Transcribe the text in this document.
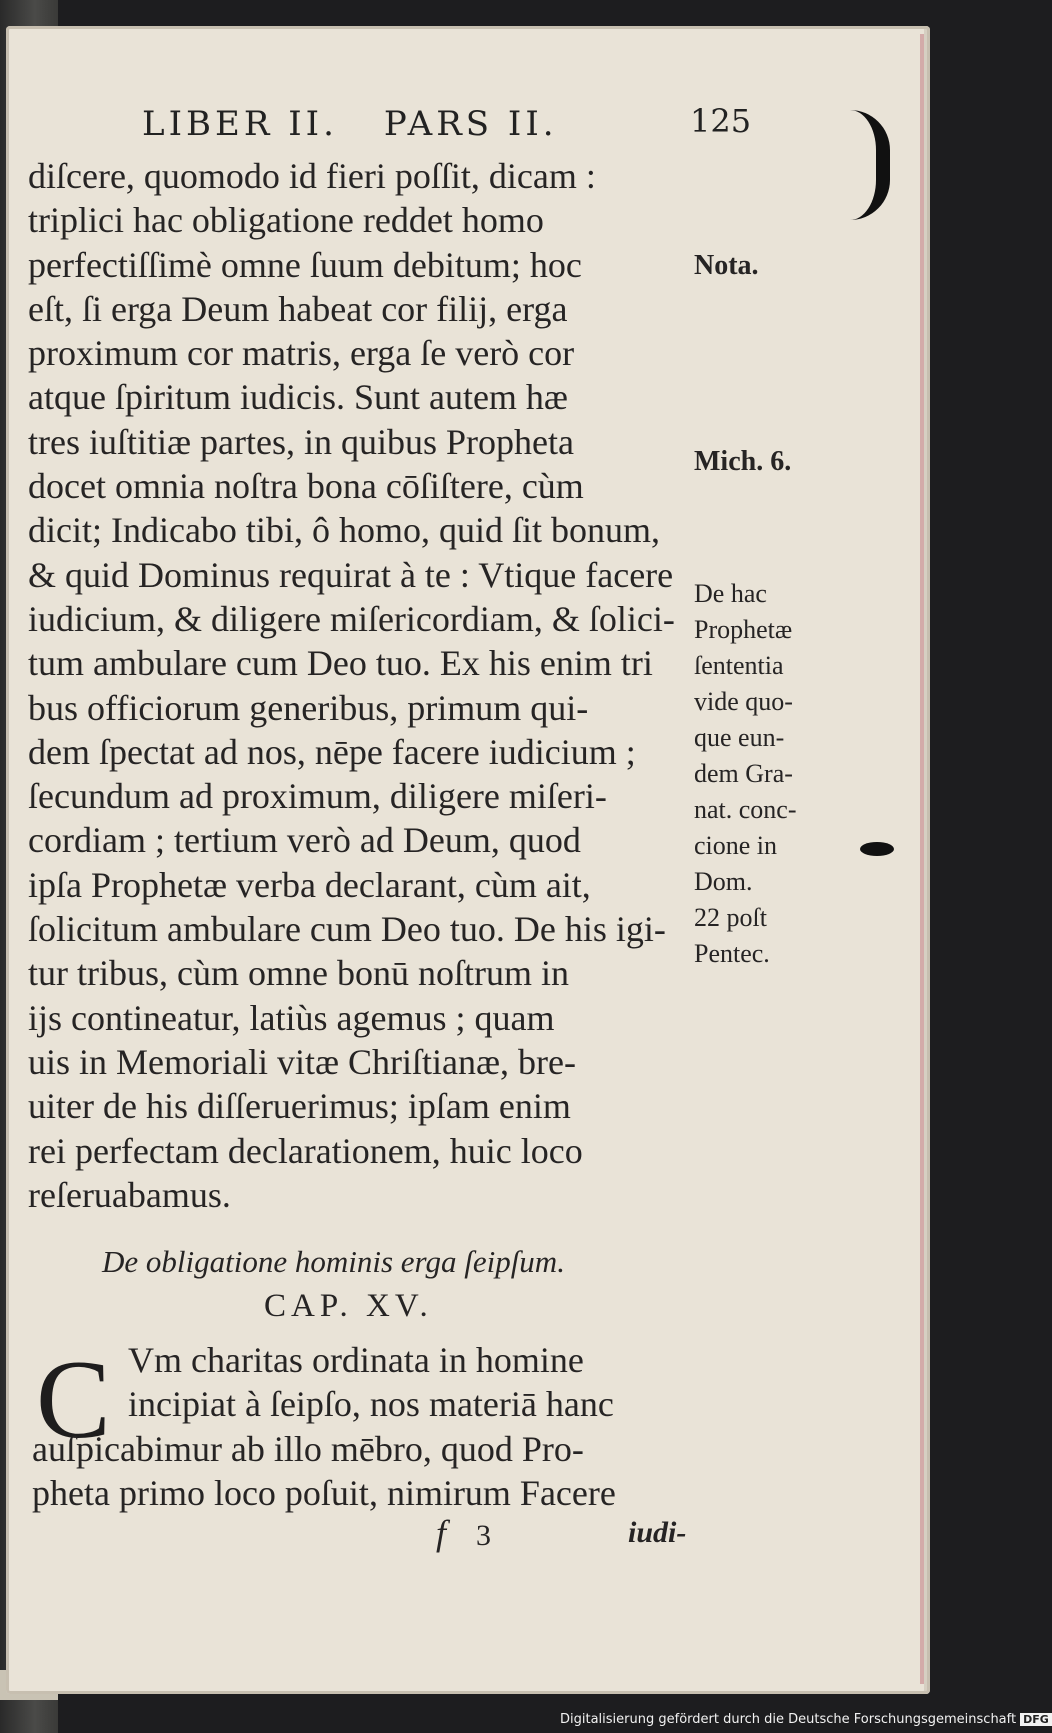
LIBER II. PARS II.	125
diſcere, quomodo id fieri poſſit, dicam :
triplici hac obligatione reddet homo
perfectiſſimè omne ſuum debitum; hoc
eſt, ſi erga Deum habeat cor filij, erga
proximum cor matris, erga ſe verò cor
atque ſpiritum iudicis. Sunt autem hæ
tres iuſtitiæ partes, in quibus Propheta
docet omnia noſtra bona cōſiſtere, cùm
dicit; Indicabo tibi, ô homo, quid ſit bonum,
& quid Dominus requirat à te : Vtique facere
iudicium, & diligere miſericordiam, & ſolici-
tum ambulare cum Deo tuo. Ex his enim tri
bus officiorum generibus, primum qui-
dem ſpectat ad nos, nēpe facere iudicium ;
ſecundum ad proximum, diligere miſeri-
cordiam ; tertium verò ad Deum, quod
ipſa Prophetæ verba declarant, cùm ait,
ſolicitum ambulare cum Deo tuo. De his igi-
tur tribus, cùm omne bonū noſtrum in
ijs contineatur, latiùs agemus ; quam
uis in Memoriali vitæ Chriſtianæ, bre-
uiter de his diſſeruerimus; ipſam enim
rei perfectam declarationem, huic loco
reſeruabamus.
Nota.
Mich. 6.
De hac
Prophetæ
ſententia
vide quo-
que eun-
dem Gra-
nat. conc-
cione in
Dom.
22 poſt
Pentec.
De obligatione hominis erga ſeipſum.
CAP. XV.
C Vm charitas ordinata in homine
incipiat à ſeipſo, nos materiā hanc
auſpicabimur ab illo mēbro, quod Pro-
pheta primo loco poſuit, nimirum Facere
f 3	iudi-
Digitalisierung gefördert durch die Deutsche Forschungsgemeinschaft DFG
